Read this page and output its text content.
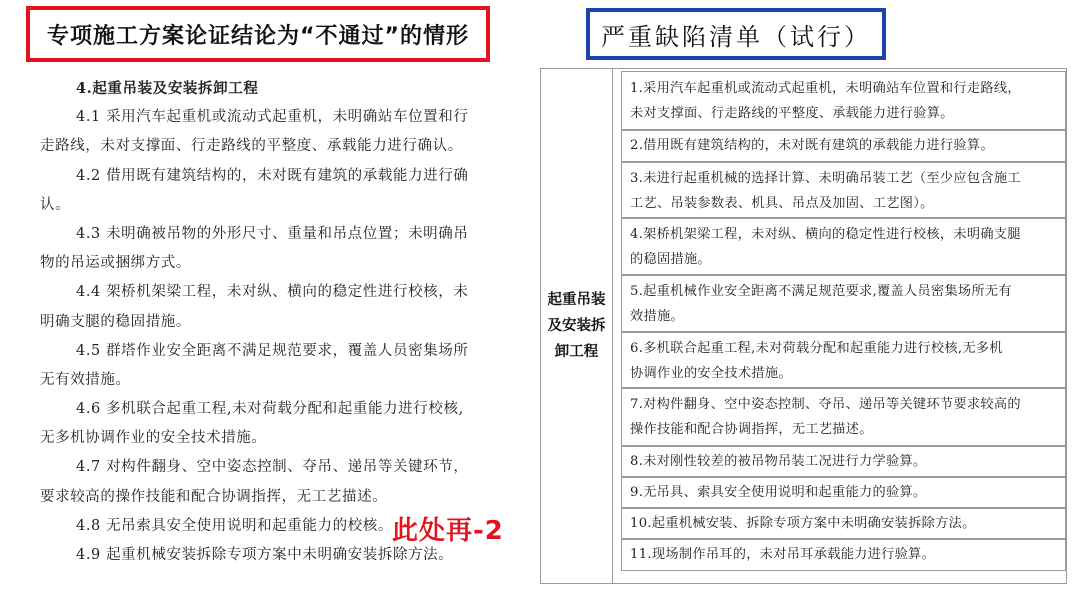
专项施工方案论证结论为“不通过”的情形	严重缺陷清单（试行）
4.起重吊装及安装拆卸工程
4.1 采用汽车起重机或流动式起重机，未明确站车位置和行
走路线，未对支撑面、行走路线的平整度、承载能力进行确认。
4.2 借用既有建筑结构的，未对既有建筑的承载能力进行确
认。
4.3 未明确被吊物的外形尺寸、重量和吊点位置；未明确吊
物的吊运或捆绑方式。
4.4 架桥机架梁工程，未对纵、横向的稳定性进行校核，未
明确支腿的稳固措施。
4.5 群塔作业安全距离不满足规范要求，覆盖人员密集场所
无有效措施。
4.6 多机联合起重工程,未对荷载分配和起重能力进行校核,
无多机协调作业的安全技术措施。
4.7 对构件翻身、空中姿态控制、夺吊、递吊等关键环节，
要求较高的操作技能和配合协调指挥，无工艺描述。
4.8 无吊索具安全使用说明和起重能力的校核。
4.9 起重机械安装拆除专项方案中未明确安装拆除方法。
此处再-2
起重吊装及安装拆卸工程
1.采用汽车起重机或流动式起重机，未明确站车位置和行走路线，
未对支撑面、行走路线的平整度、承载能力进行验算。
2.借用既有建筑结构的，未对既有建筑的承载能力进行验算。
3.未进行起重机械的选择计算、未明确吊装工艺（至少应包含施工
工艺、吊装参数表、机具、吊点及加固、工艺图）。
4.架桥机架梁工程，未对纵、横向的稳定性进行校核，未明确支腿
的稳固措施。
5.起重机械作业安全距离不满足规范要求,覆盖人员密集场所无有
效措施。
6.多机联合起重工程,未对荷载分配和起重能力进行校核,无多机
协调作业的安全技术措施。
7.对构件翻身、空中姿态控制、夺吊、递吊等关键环节要求较高的
操作技能和配合协调指挥，无工艺描述。
8.未对刚性较差的被吊物吊装工况进行力学验算。
9.无吊具、索具安全使用说明和起重能力的验算。
10.起重机械安装、拆除专项方案中未明确安装拆除方法。
11.现场制作吊耳的，未对吊耳承载能力进行验算。
